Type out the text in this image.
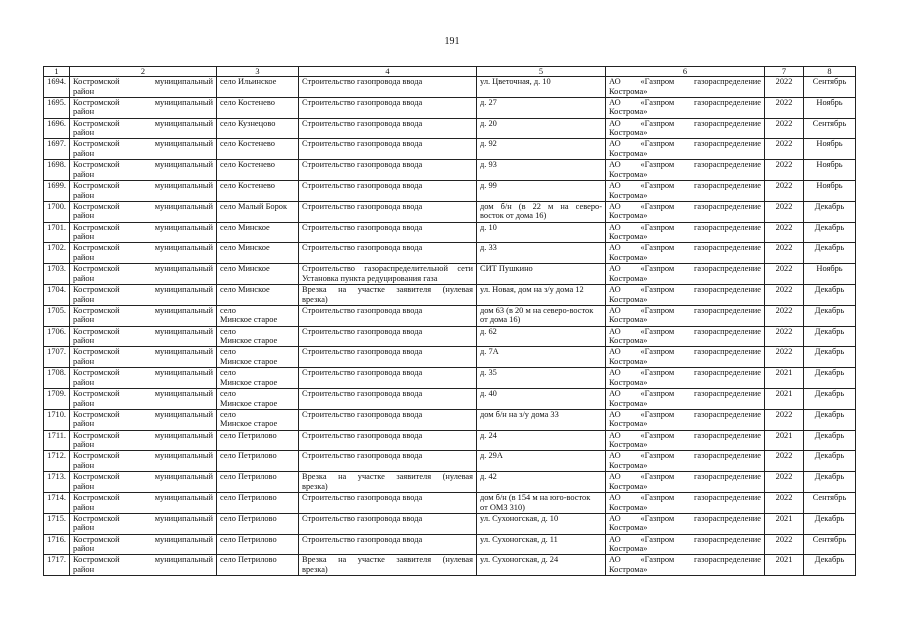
191
1	2	3	4	5	6	7	8
1694.	Костромской муниципальный
район	село Ильинское	Строительство газопровода ввода	ул. Цветочная, д. 10	АО «Газпром газораспределение
Кострома»	2022	Сентябрь
1695.	Костромской муниципальный
район	село Костенево	Строительство газопровода ввода	д. 27	АО «Газпром газораспределение
Кострома»	2022	Ноябрь
1696.	Костромской муниципальный
район	село Кузнецово	Строительство газопровода ввода	д. 20	АО «Газпром газораспределение
Кострома»	2022	Сентябрь
1697.	Костромской муниципальный
район	село Костенево	Строительство газопровода ввода	д. 92	АО «Газпром газораспределение
Кострома»	2022	Ноябрь
1698.	Костромской муниципальный
район	село Костенево	Строительство газопровода ввода	д. 93	АО «Газпром газораспределение
Кострома»	2022	Ноябрь
1699.	Костромской муниципальный
район	село Костенево	Строительство газопровода ввода	д. 99	АО «Газпром газораспределение
Кострома»	2022	Ноябрь
1700.	Костромской муниципальный
район	село Малый Борок	Строительство газопровода ввода	дом б/н (в 22 м на северо-
восток от дома 16)	АО «Газпром газораспределение
Кострома»	2022	Декабрь
1701.	Костромской муниципальный
район	село Минское	Строительство газопровода ввода	д. 10	АО «Газпром газораспределение
Кострома»	2022	Декабрь
1702.	Костромской муниципальный
район	село Минское	Строительство газопровода ввода	д. 33	АО «Газпром газораспределение
Кострома»	2022	Декабрь
1703.	Костромской муниципальный
район	село Минское	Строительство газораспределительной сети
Установка пункта редуцирования газа	СИТ Пушкино	АО «Газпром газораспределение
Кострома»	2022	Ноябрь
1704.	Костромской муниципальный
район	село Минское	Врезка на участке заявителя (нулевая
врезка)	ул. Новая, дом на з/у дома 12	АО «Газпром газораспределение
Кострома»	2022	Декабрь
1705.	Костромской муниципальный
район	село
Минское старое	Строительство газопровода ввода	дом 63 (в 20 м на северо-восток
от дома 16)	АО «Газпром газораспределение
Кострома»	2022	Декабрь
1706.	Костромской муниципальный
район	село
Минское старое	Строительство газопровода ввода	д. 62	АО «Газпром газораспределение
Кострома»	2022	Декабрь
1707.	Костромской муниципальный
район	село
Минское старое	Строительство газопровода ввода	д. 7А	АО «Газпром газораспределение
Кострома»	2022	Декабрь
1708.	Костромской муниципальный
район	село
Минское старое	Строительство газопровода ввода	д. 35	АО «Газпром газораспределение
Кострома»	2021	Декабрь
1709.	Костромской муниципальный
район	село
Минское старое	Строительство газопровода ввода	д. 40	АО «Газпром газораспределение
Кострома»	2021	Декабрь
1710.	Костромской муниципальный
район	село
Минское старое	Строительство газопровода ввода	дом б/н на з/у дома 33	АО «Газпром газораспределение
Кострома»	2022	Декабрь
1711.	Костромской муниципальный
район	село Петрилово	Строительство газопровода ввода	д. 24	АО «Газпром газораспределение
Кострома»	2021	Декабрь
1712.	Костромской муниципальный
район	село Петрилово	Строительство газопровода ввода	д. 29А	АО «Газпром газораспределение
Кострома»	2022	Декабрь
1713.	Костромской муниципальный
район	село Петрилово	Врезка на участке заявителя (нулевая
врезка)	д. 42	АО «Газпром газораспределение
Кострома»	2022	Декабрь
1714.	Костромской муниципальный
район	село Петрилово	Строительство газопровода ввода	дом б/н (в 154 м на юго-восток
от ОМЗ 310)	АО «Газпром газораспределение
Кострома»	2022	Сентябрь
1715.	Костромской муниципальный
район	село Петрилово	Строительство газопровода ввода	ул. Сухоногская, д. 10	АО «Газпром газораспределение
Кострома»	2021	Декабрь
1716.	Костромской муниципальный
район	село Петрилово	Строительство газопровода ввода	ул. Сухоногская, д. 11	АО «Газпром газораспределение
Кострома»	2022	Сентябрь
1717.	Костромской муниципальный
район	село Петрилово	Врезка на участке заявителя (нулевая
врезка)	ул. Сухоногская, д. 24	АО «Газпром газораспределение
Кострома»	2021	Декабрь
